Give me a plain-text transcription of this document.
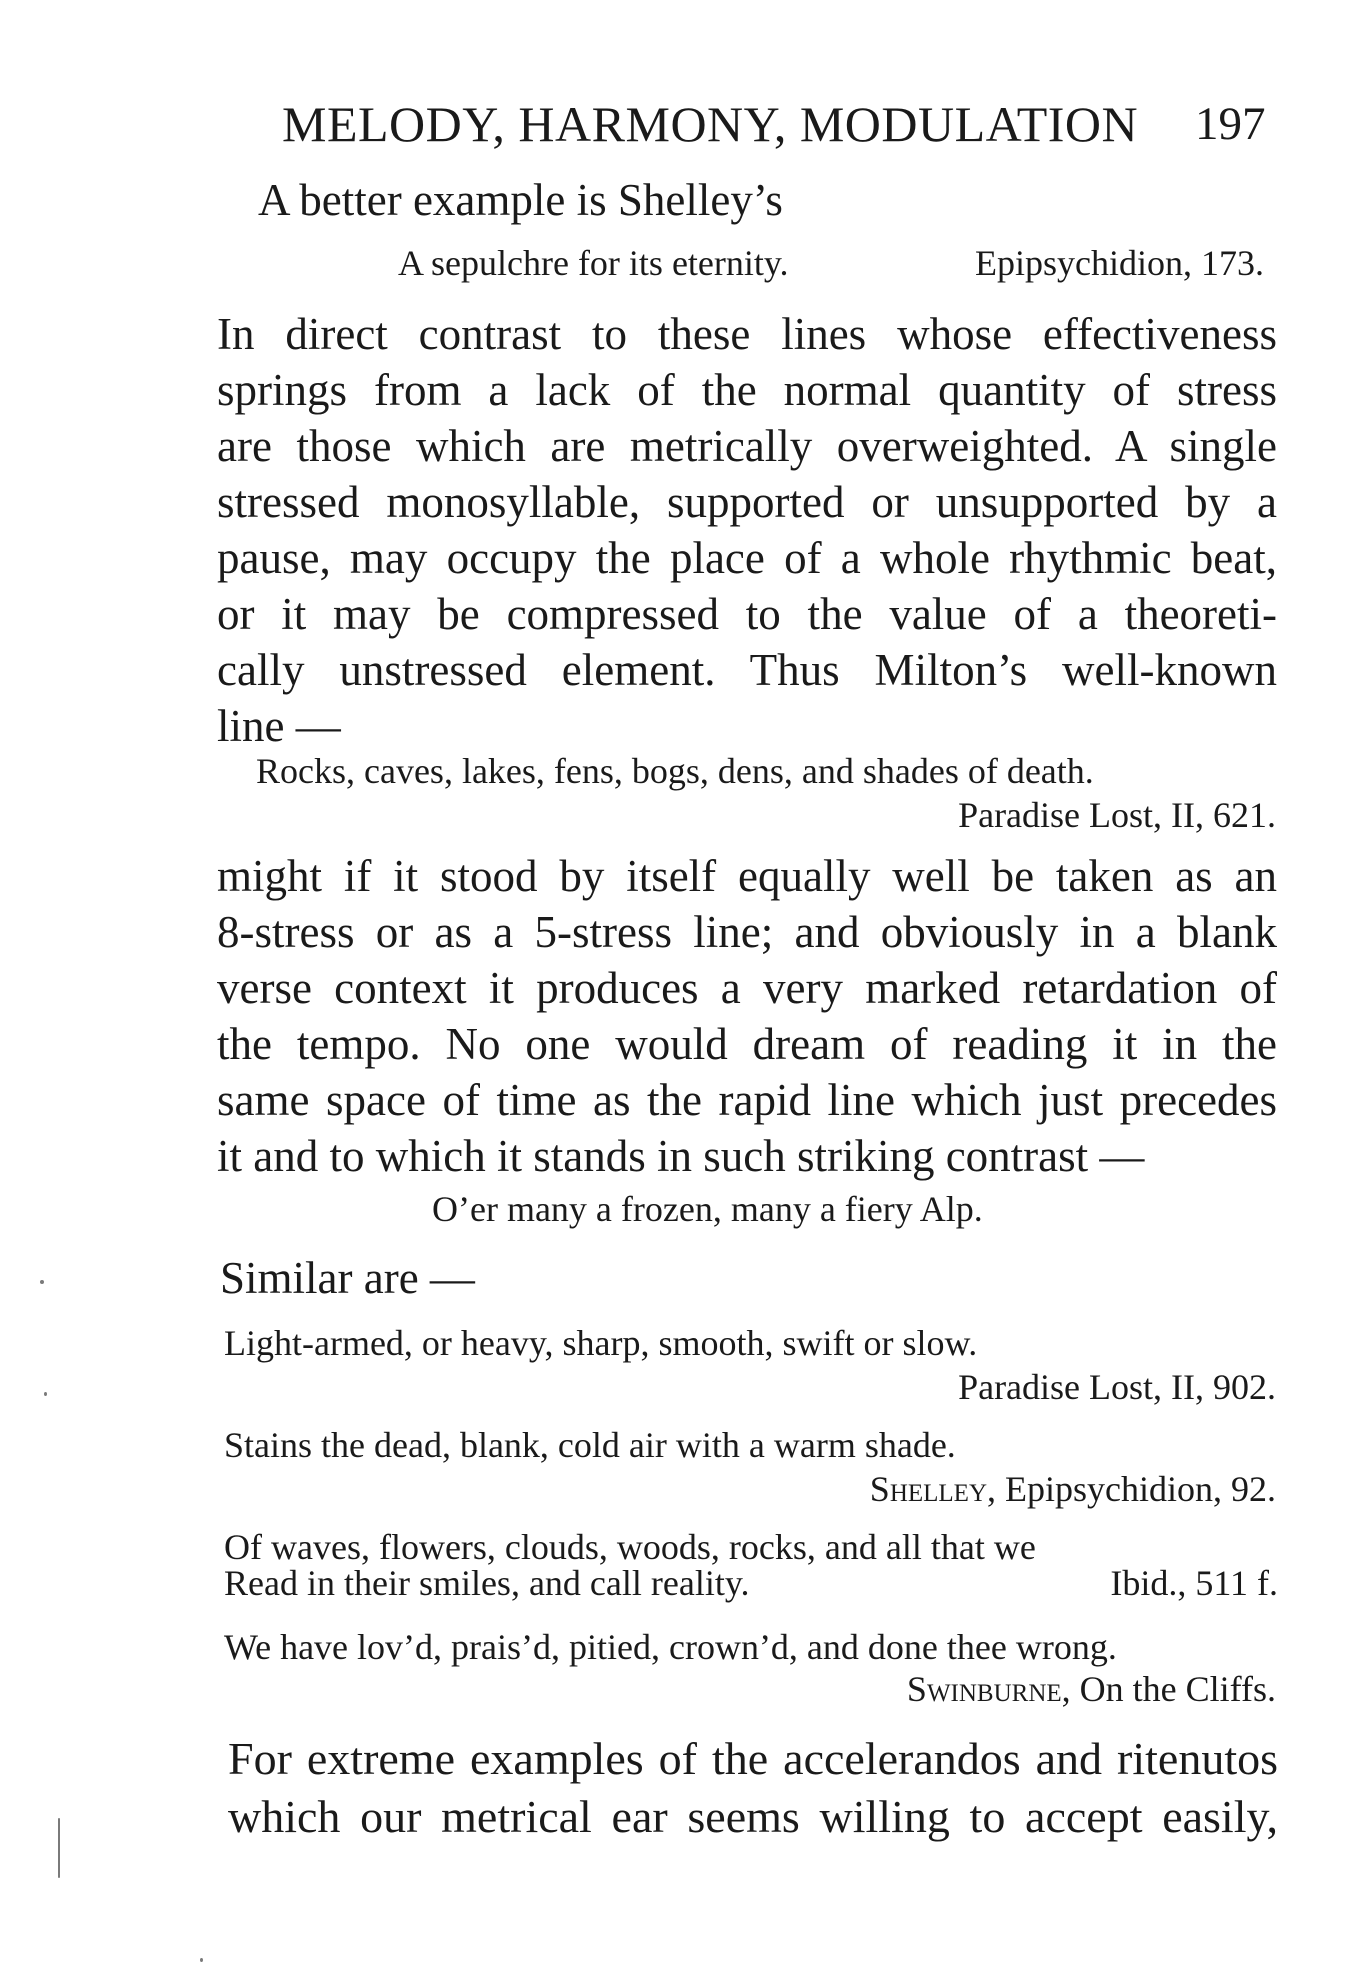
MELODY, HARMONY, MODULATION 197
A better example is Shelley’s
A sepulchre for its eternity.	Epipsychidion, 173.
In direct contrast to these lines whose effectiveness
springs from a lack of the normal quantity of stress
are those which are metrically overweighted. A single
stressed monosyllable, supported or unsupported by a
pause, may occupy the place of a whole rhythmic beat,
or it may be compressed to the value of a theoreti-
cally unstressed element. Thus Milton’s well-known
line —
Rocks, caves, lakes, fens, bogs, dens, and shades of death.
Paradise Lost, II, 621.
might if it stood by itself equally well be taken as an
8-stress or as a 5-stress line; and obviously in a blank
verse context it produces a very marked retardation of
the tempo. No one would dream of reading it in the
same space of time as the rapid line which just precedes
it and to which it stands in such striking contrast —
O’er many a frozen, many a fiery Alp.
Similar are —
Light-armed, or heavy, sharp, smooth, swift or slow.
Paradise Lost, II, 902.
Stains the dead, blank, cold air with a warm shade.
Shelley, Epipsychidion, 92.
Of waves, flowers, clouds, woods, rocks, and all that we
Read in their smiles, and call reality.	Ibid., 511 f.
We have lov’d, prais’d, pitied, crown’d, and done thee wrong.
Swinburne, On the Cliffs.
For extreme examples of the accelerandos and ritenutos
which our metrical ear seems willing to accept easily,
